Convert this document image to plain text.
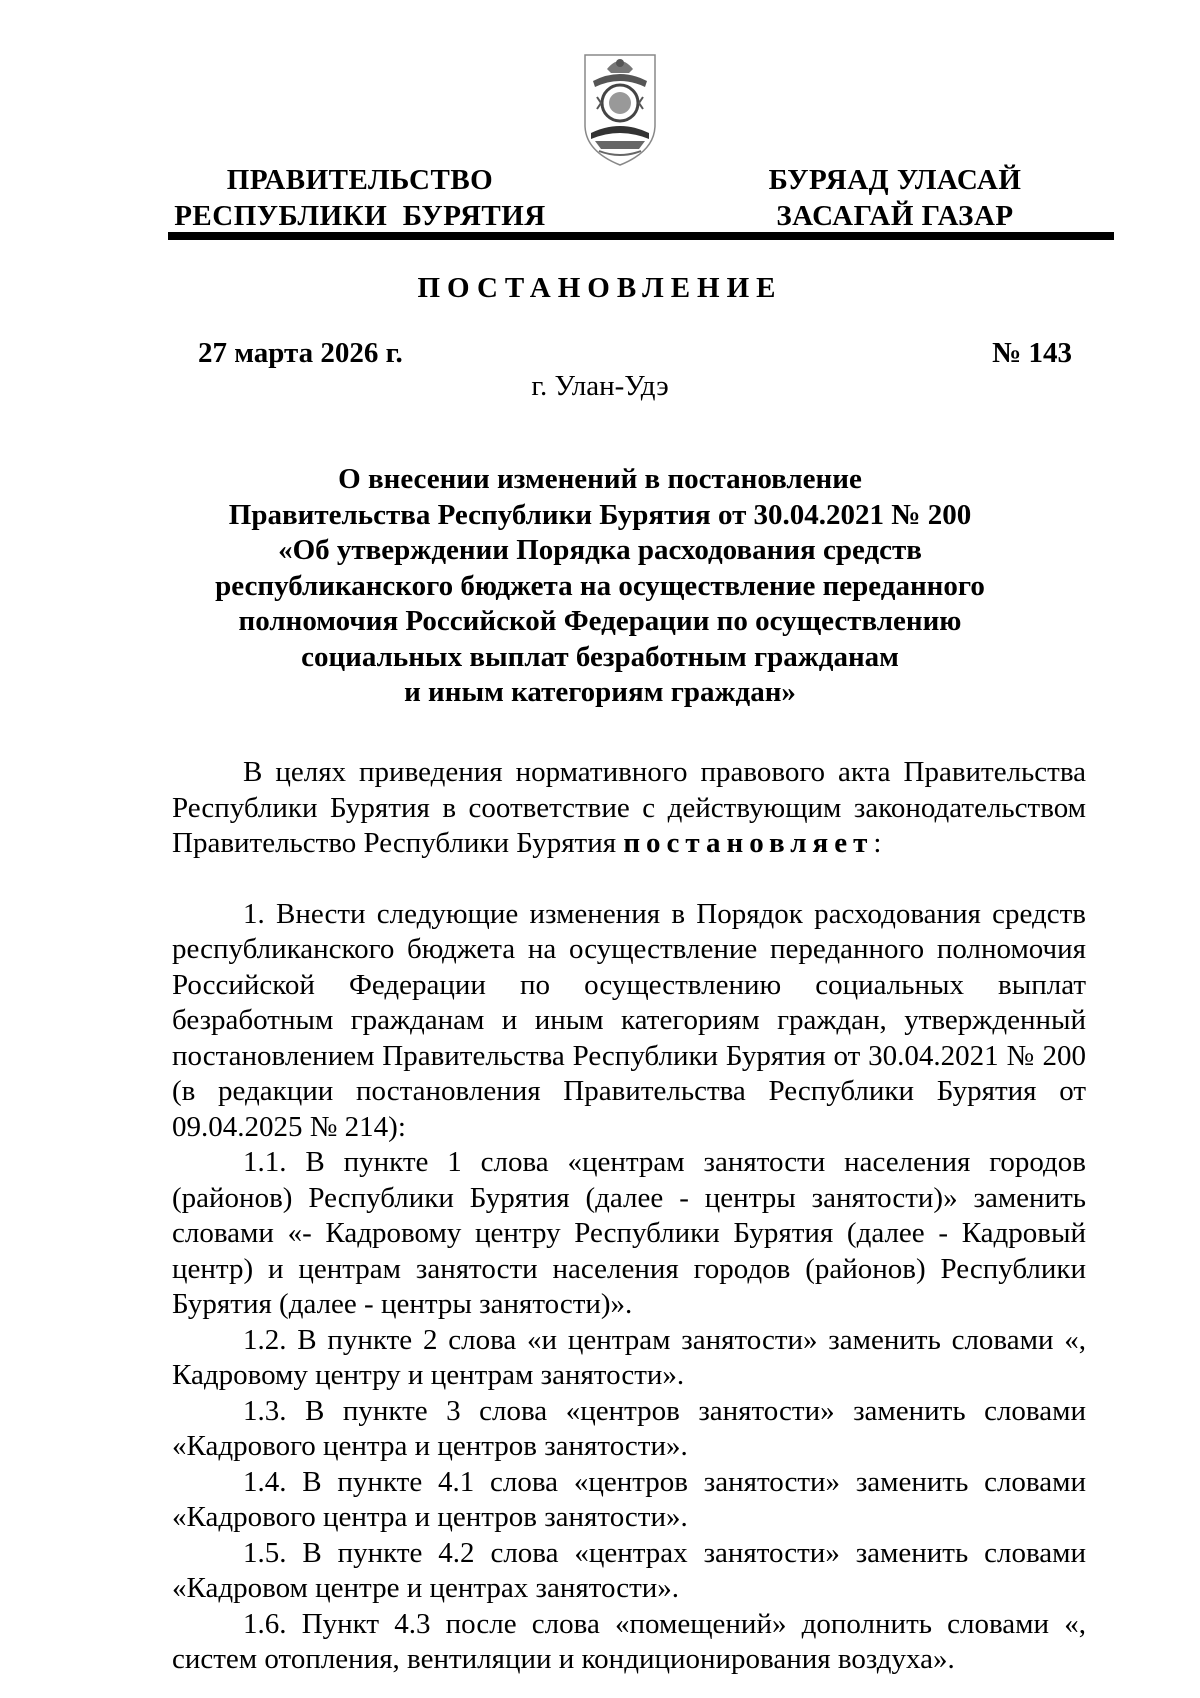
ПРАВИТЕЛЬСТВО
РЕСПУБЛИКИ  БУРЯТИЯ
БУРЯАД УЛАСАЙ
ЗАСАГАЙ ГАЗАР
ПОСТАНОВЛЕНИЕ
27 марта 2026 г.	№ 143
г. Улан-Удэ
О внесении изменений в постановление
Правительства Республики Бурятия от 30.04.2021 № 200
«Об утверждении Порядка расходования средств
республиканского бюджета на осуществление переданного
полномочия Российской Федерации по осуществлению
социальных выплат безработным гражданам
и иным категориям граждан»

В целях приведения нормативного правового акта Правительства Республики Бурятия в соответствие с действующим законодательством Правительство Республики Бурятия постановляет:

1. Внести следующие изменения в Порядок расходования средств республиканского бюджета на осуществление переданного полномочия Российской Федерации по осуществлению социальных выплат безработным гражданам и иным категориям граждан, утвержденный постановлением Правительства Республики Бурятия от 30.04.2021 № 200 (в редакции постановления Правительства Республики Бурятия от 09.04.2025 № 214):

1.1. В пункте 1 слова «центрам занятости населения городов (районов) Республики Бурятия (далее - центры занятости)» заменить словами «- Кадровому центру Республики Бурятия (далее - Кадровый центр) и центрам занятости населения городов (районов) Республики Бурятия (далее - центры занятости)».

1.2. В пункте 2 слова «и центрам занятости» заменить словами «, Кадровому центру и центрам занятости».

1.3. В пункте 3 слова «центров занятости» заменить словами «Кадрового центра и центров занятости».

1.4. В пункте 4.1 слова «центров занятости» заменить словами «Кадрового центра и центров занятости».

1.5. В пункте 4.2 слова «центрах занятости» заменить словами «Кадровом центре и центрах занятости».

1.6. Пункт 4.3 после слова «помещений» дополнить словами «, систем отопления, вентиляции и кондиционирования воздуха».
